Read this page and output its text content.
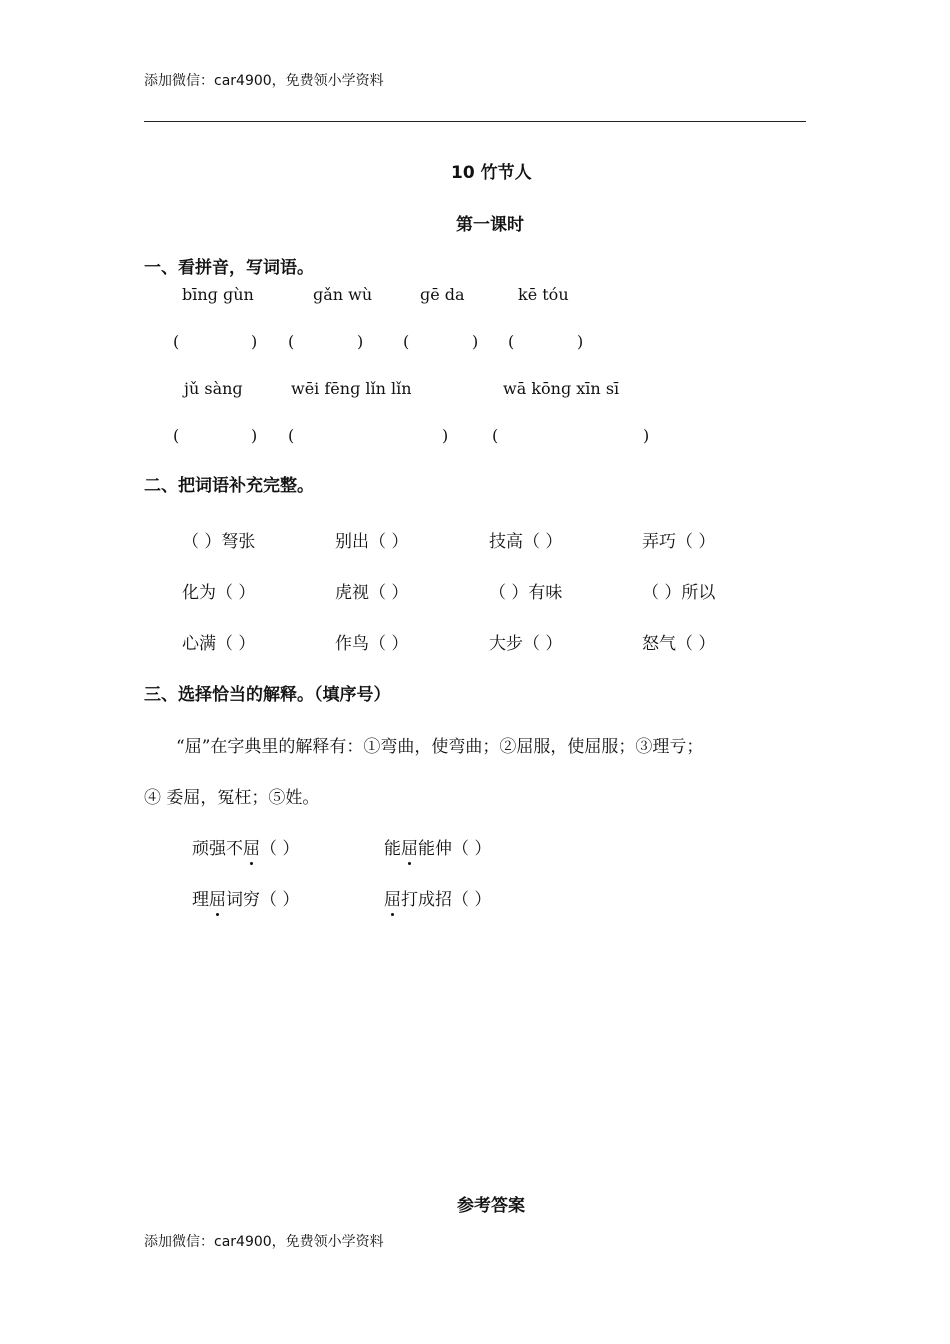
添加微信：car4900，免费领小学资料
10 竹节人
第一课时
一、看拼音，写词语。
bīnɡ ɡùn	ɡǎn wù	ɡē da	kē tóu
(	) (	) (	) (	)
jǔ sànɡ	wēi fēnɡ lǐn lǐn	wā kōnɡ xīn sī
(	) (	)	(	)
二、把词语补充完整。
（ ）弩张	别出（ ）	技高（ ）	弄巧（ ）
化为（ ）	虎视（ ）	（ ）有味	（ ）所以
心满（ ）	作鸟（ ）	大步（ ）	怒气（ ）
三、选择恰当的解释。（填序号）
“屈”在字典里的解释有：①弯曲，使弯曲；②屈服，使屈服；③理亏；
④ 委屈，冤枉；⑤姓。
顽强不屈（ ）	能屈能伸（ ）
理屈词穷（ ）	屈打成招（ ）
参考答案
添加微信：car4900，免费领小学资料
